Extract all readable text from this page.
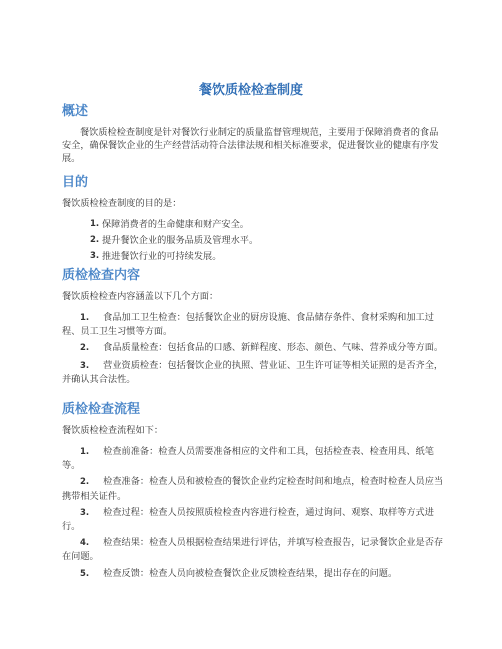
餐饮质检检查制度
概述

餐饮质检检查制度是针对餐饮行业制定的质量监督管理规范，主要用于保障消费者的食品安全，确保餐饮企业的生产经营活动符合法律法规和相关标准要求，促进餐饮业的健康有序发展。

目的

餐饮质检检查制度的目的是：

1. 保障消费者的生命健康和财产安全。
2. 提升餐饮企业的服务品质及管理水平。
3. 推进餐饮行业的可持续发展。
质检检查内容

餐饮质检检查内容涵盖以下几个方面：

1. 食品加工卫生检查：包括餐饮企业的厨房设施、食品储存条件、食材采购和加工过程、员工卫生习惯等方面。
2. 食品质量检查：包括食品的口感、新鲜程度、形态、颜色、气味、营养成分等方面。
3. 营业资质检查：包括餐饮企业的执照、营业证、卫生许可证等相关证照的是否齐全，并确认其合法性。
质检检查流程

餐饮质检检查流程如下：

1. 检查前准备：检查人员需要准备相应的文件和工具，包括检查表、检查用具、纸笔等。
2. 检查准备：检查人员和被检查的餐饮企业约定检查时间和地点，检查时检查人员应当携带相关证件。
3. 检查过程：检查人员按照质检检查内容进行检查，通过询问、观察、取样等方式进行。
4. 检查结果：检查人员根据检查结果进行评估，并填写检查报告，记录餐饮企业是否存在问题。
5. 检查反馈：检查人员向被检查餐饮企业反馈检查结果，提出存在的问题。
